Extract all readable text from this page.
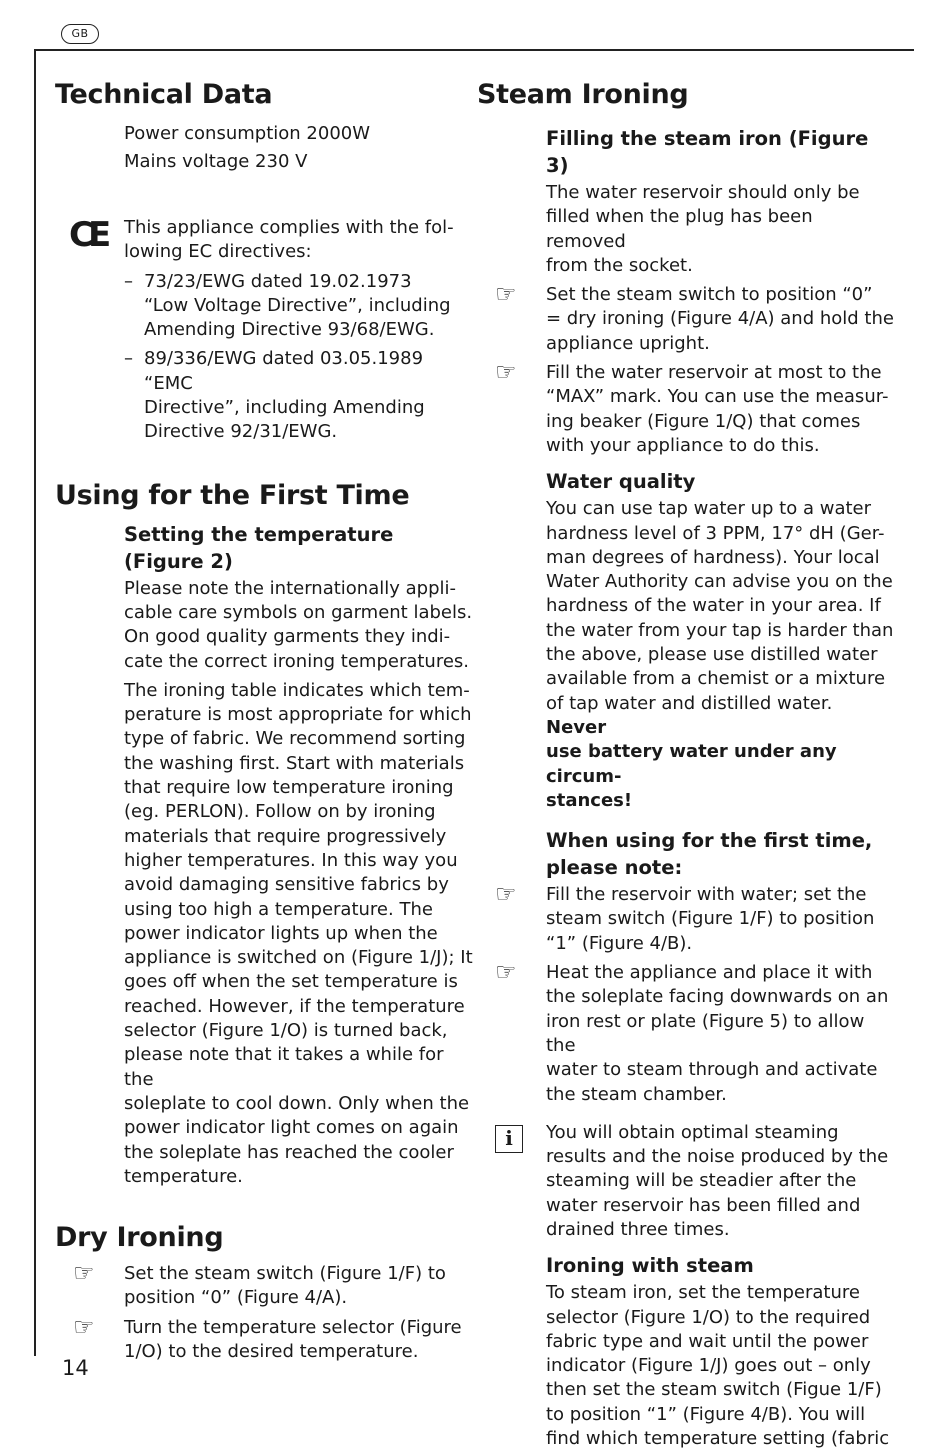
GB
Technical Data
Power consumption 2000W
Mains voltage 230 V
CE This appliance complies with the fol-
lowing EC directives:

– 73/23/EWG dated 19.02.1973
“Low Voltage Directive”, including
Amending Directive 93/68/EWG.
– 89/336/EWG dated 03.05.1989 “EMC
Directive”, including Amending
Directive 92/31/EWG.
Using for the First Time
Setting the temperature
(Figure 2)

Please note the internationally appli-
cable care symbols on garment labels.
On good quality garments they indi-
cate the correct ironing temperatures.

The ironing table indicates which tem-
perature is most appropriate for which
type of fabric. We recommend sorting
the washing first. Start with materials
that require low temperature ironing
(eg. PERLON). Follow on by ironing
materials that require progressively
higher temperatures. In this way you
avoid damaging sensitive fabrics by
using too high a temperature. The
power indicator lights up when the
appliance is switched on (Figure 1/J); It
goes off when the set temperature is
reached. However, if the temperature
selector (Figure 1/O) is turned back,
please note that it takes a while for the
soleplate to cool down. Only when the
power indicator light comes on again
the soleplate has reached the cooler
temperature.

Dry Ironing
☞ Set the steam switch (Figure 1/F) to
position “0” (Figure 4/A).

☞ Turn the temperature selector (Figure
1/O) to the desired temperature.

Steam Ironing
Filling the steam iron (Figure 3)

The water reservoir should only be
filled when the plug has been removed
from the socket.

☞ Set the steam switch to position “0”
= dry ironing (Figure 4/A) and hold the
appliance upright.

☞ Fill the water reservoir at most to the
“MAX” mark. You can use the measur-
ing beaker (Figure 1/Q) that comes
with your appliance to do this.

Water quality

You can use tap water up to a water
hardness level of 3 PPM, 17° dH (Ger-
man degrees of hardness). Your local
Water Authority can advise you on the
hardness of the water in your area. If
the water from your tap is harder than
the above, please use distilled water
available from a chemist or a mixture
of tap water and distilled water. Never
use battery water under any circum-
stances!

When using for the first time,
please note:
☞ Fill the reservoir with water; set the
steam switch (Figure 1/F) to position
“1” (Figure 4/B).

☞ Heat the appliance and place it with
the soleplate facing downwards on an
iron rest or plate (Figure 5) to allow the
water to steam through and activate
the steam chamber.

i	You will obtain optimal steaming
results and the noise produced by the
steaming will be steadier after the
water reservoir has been filled and
drained three times.

Ironing with steam

To steam iron, set the temperature
selector (Figure 1/O) to the required
fabric type and wait until the power
indicator (Figure 1/J) goes out – only
then set the steam switch (Figue 1/F)
to position “1” (Figure 4/B). You will
find which temperature setting (fabric

14
